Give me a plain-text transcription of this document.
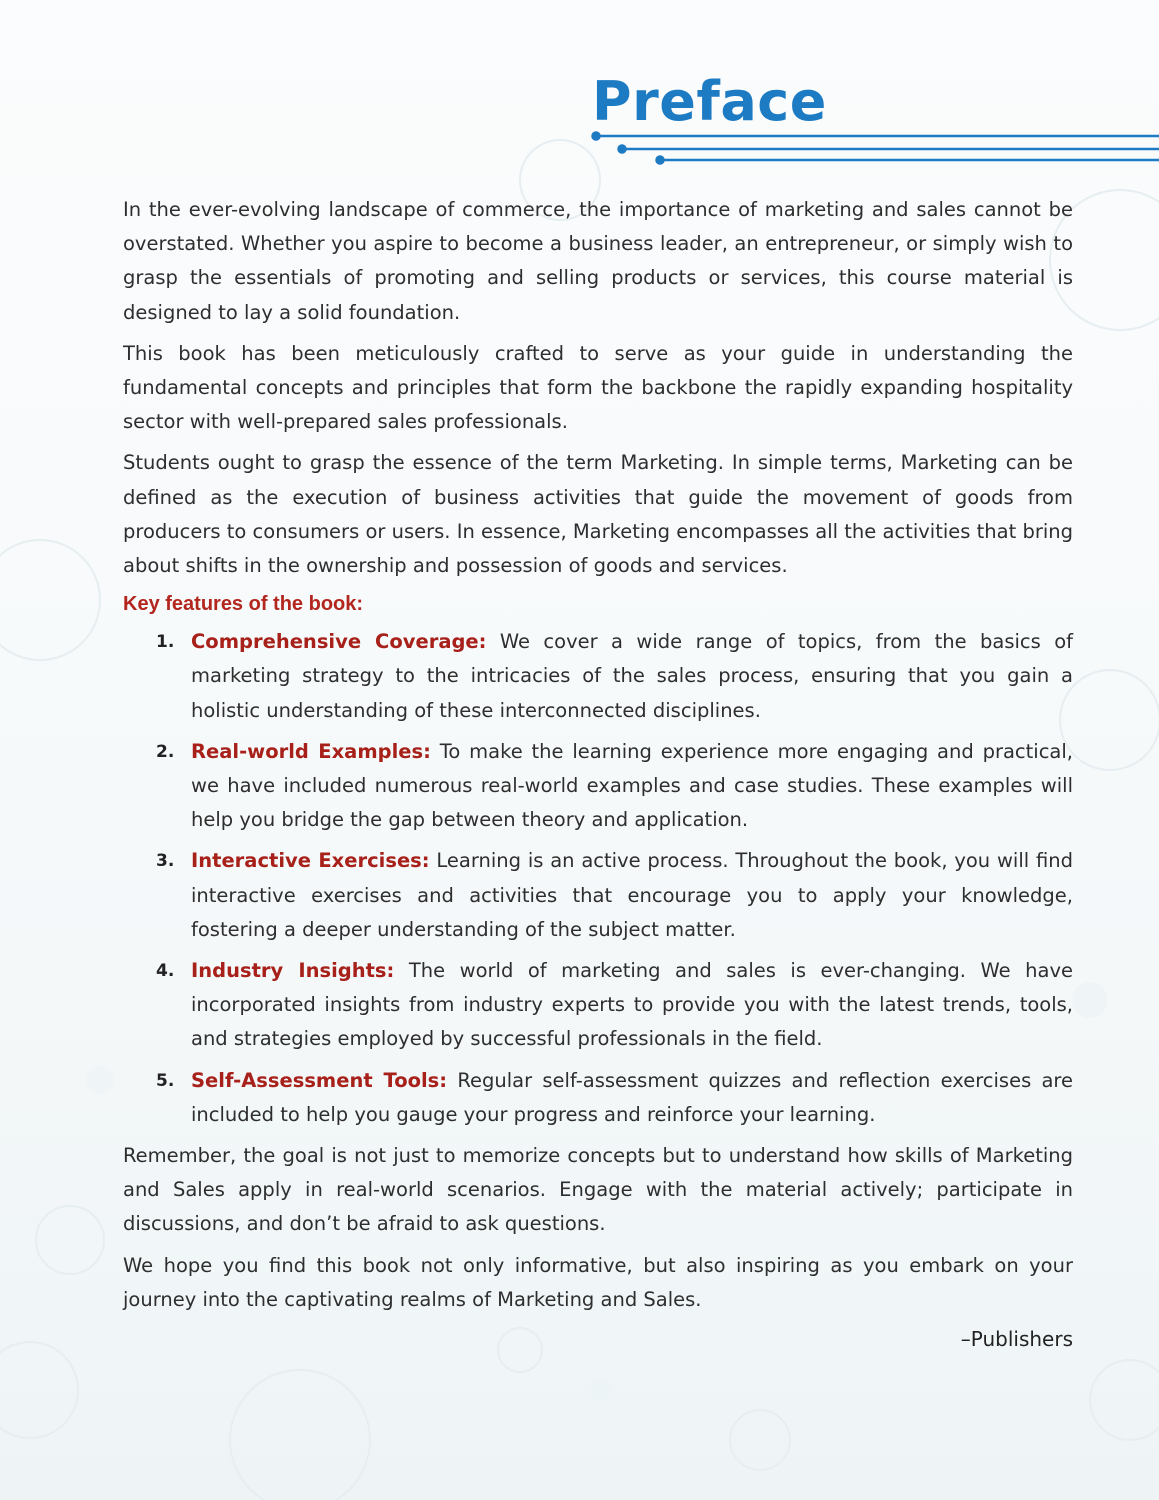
Preface

In the ever-evolving landscape of commerce, the importance of marketing and sales cannot be overstated. Whether you aspire to become a business leader, an entrepreneur, or simply wish to grasp the essentials of promoting and selling products or services, this course material is designed to lay a solid foundation.

This book has been meticulously crafted to serve as your guide in understanding the fundamental concepts and principles that form the backbone the rapidly expanding hospitality sector with well-prepared sales professionals.

Students ought to grasp the essence of the term Marketing. In simple terms, Marketing can be defined as the execution of business activities that guide the movement of goods from producers to consumers or users. In essence, Marketing encompasses all the activities that bring about shifts in the ownership and possession of goods and services.

Key features of the book:
1. Comprehensive Coverage: We cover a wide range of topics, from the basics of marketing strategy to the intricacies of the sales process, ensuring that you gain a holistic understanding of these interconnected disciplines.
2. Real-world Examples: To make the learning experience more engaging and practical, we have included numerous real-world examples and case studies. These examples will help you bridge the gap between theory and application.
3. Interactive Exercises: Learning is an active process. Throughout the book, you will find interactive exercises and activities that encourage you to apply your knowledge, fostering a deeper understanding of the subject matter.
4. Industry Insights: The world of marketing and sales is ever-changing. We have incorporated insights from industry experts to provide you with the latest trends, tools, and strategies employed by successful professionals in the field.
5. Self-Assessment Tools: Regular self-assessment quizzes and reflection exercises are included to help you gauge your progress and reinforce your learning.

Remember, the goal is not just to memorize concepts but to understand how skills of Marketing and Sales apply in real-world scenarios. Engage with the material actively; participate in discussions, and don’t be afraid to ask questions.

We hope you find this book not only informative, but also inspiring as you embark on your journey into the captivating realms of Marketing and Sales.

–Publishers
